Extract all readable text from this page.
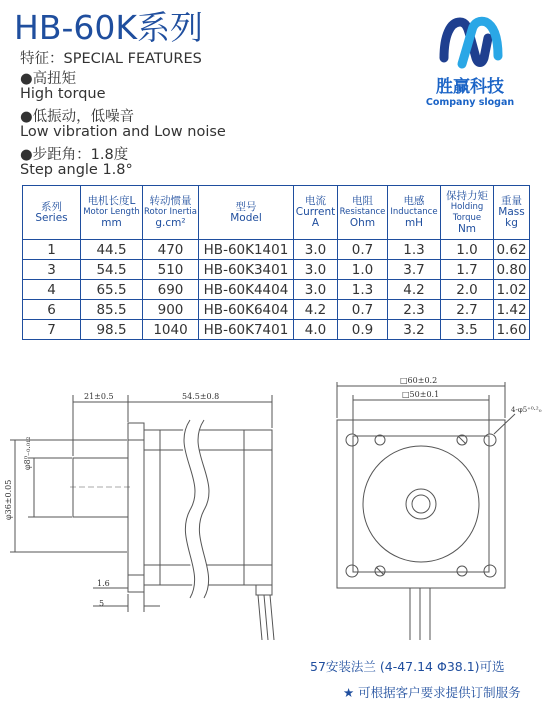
HB-60K系列
特征：SPECIAL FEATURES
●高扭矩
High torque
●低振动，低噪音
Low vibration and Low noise
●步距角：1.8度
Step angle 1.8°
胜赢科技
Company slogan
系列
Series	电机长度L
Motor Length
mm	转动惯量
Rotor Inertia
g.cm²	型号
Model	电流
Current
A	电阻
Resistance
Ohm	电感
Inductance
mH	保持力矩
Holding Torque
Nm	重量
Mass
kg

1	44.5	470	HB-60K1401	3.0	0.7	1.3	1.0	0.62
3	54.5	510	HB-60K3401	3.0	1.0	3.7	1.7	0.80
4	65.5	690	HB-60K4404	3.0	1.3	4.2	2.0	1.02
6	85.5	900	HB-60K6404	4.2	0.7	2.3	2.7	1.42
7	98.5	1040	HB-60K7401	4.0	0.9	3.2	3.5	1.60
21±0.5	54.5±0.8
φ8⁰₋₀.₀₁₂
φ36±0.05
1.6
5
□60±0.2
□50±0.1
4-φ5⁺⁰·²₀
57安装法兰 (4-47.14 Φ38.1)可选
★ 可根据客户要求提供订制服务
